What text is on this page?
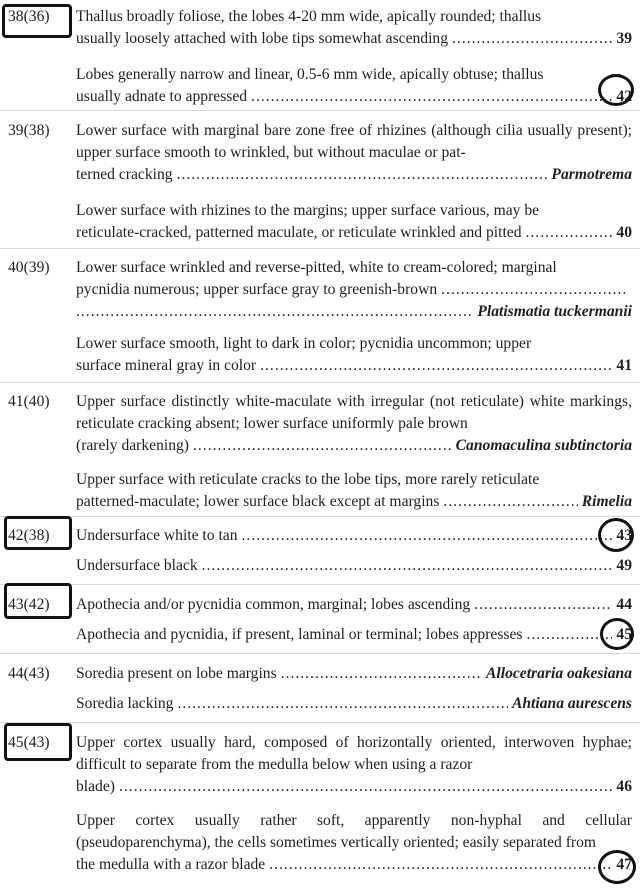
38(36) Thallus broadly foliose, the lobes 4-20 mm wide, apically rounded; thallus
usually loosely attached with lobe tips somewhat ascending .....	39
Lobes generally narrow and linear, 0.5-6 mm wide, apically obtuse; thallus
usually adnate to appressed .....	42
39(38) Lower surface with marginal bare zone free of rhizines (although cilia usually present); upper surface smooth to wrinkled, but without maculae or pat-
terned cracking .....	Parmotrema
Lower surface with rhizines to the margins; upper surface various, may be
reticulate-cracked, patterned maculate, or reticulate wrinkled and pitted .....	40
40(39) Lower surface wrinkled and reverse-pitted, white to cream-colored; marginal
pycnidia numerous; upper surface gray to greenish-brown
.....
.....
Platismatia tuckermanii
Lower surface smooth, light to dark in color; pycnidia uncommon; upper
surface mineral gray in color .....	41
41(40) Upper surface distinctly white-maculate with irregular (not reticulate) white markings, reticulate cracking absent; lower surface uniformly pale brown
(rarely darkening) .....	Canomaculina subtinctoria
Upper surface with reticulate cracks to the lobe tips, more rarely reticulate
patterned-maculate; lower surface black except at margins .....	Rimelia
42(38) Undersurface white to tan .....	43
Undersurface black .....	49
43(42) Apothecia and/or pycnidia common, marginal; lobes ascending .....	44
Apothecia and pycnidia, if present, laminal or terminal; lobes appresses .....	45
44(43) Soredia present on lobe margins .....	Allocetraria oakesiana
Soredia lacking .....	Ahtiana aurescens
45(43) Upper cortex usually hard, composed of horizontally oriented, interwoven hyphae; difficult to separate from the medulla below when using a razor
blade) .....	46
Upper cortex usually rather soft, apparently non-hyphal and cellular (pseudoparenchyma), the cells sometimes vertically oriented; easily separated from
the medulla with a razor blade .....	47
